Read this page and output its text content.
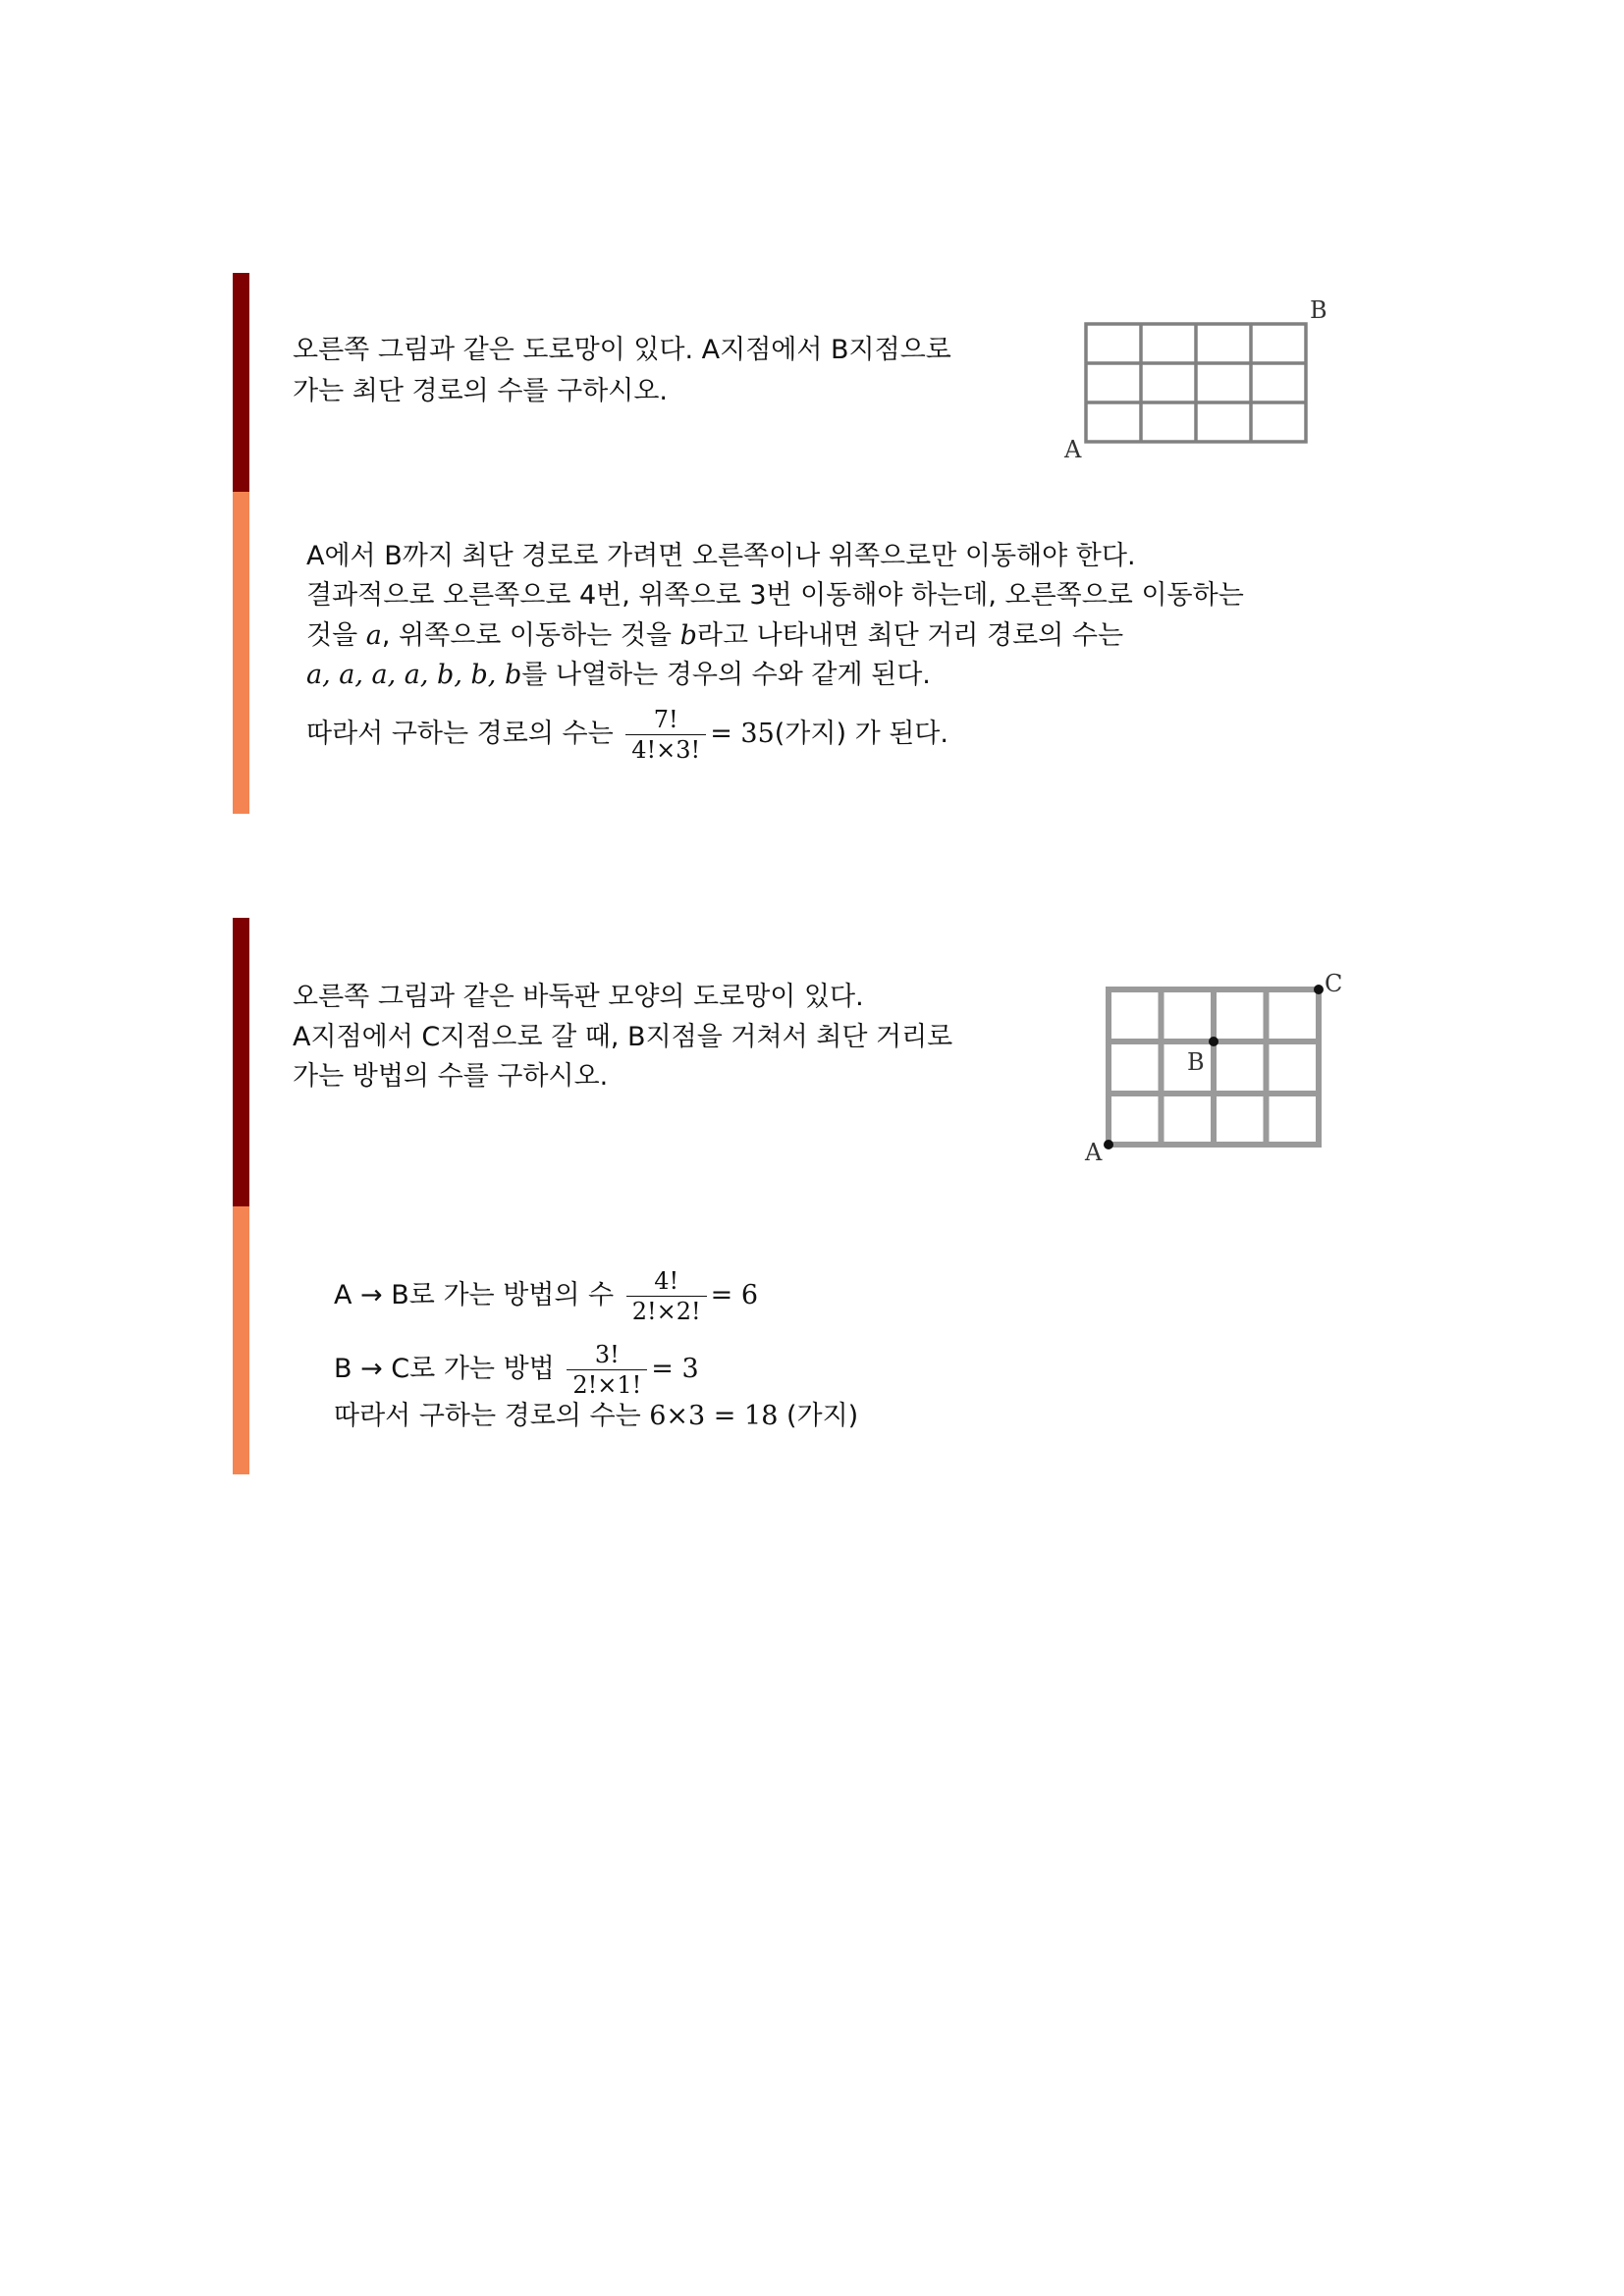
오른쪽 그림과 같은 도로망이 있다. A지점에서 B지점으로
가는 최단 경로의 수를 구하시오.
A
B
A에서 B까지 최단 경로로 가려면 오른쪽이나 위쪽으로만 이동해야 한다.
결과적으로 오른쪽으로 4번, 위쪽으로 3번 이동해야 하는데, 오른쪽으로 이동하는
것을 a, 위쪽으로 이동하는 것을 b라고 나타내면 최단 거리 경로의 수는
a, a, a, a, b, b, b를 나열하는 경우의 수와 같게 된다.
따라서 구하는 경로의 수는 $\frac{7!}{4!\times 3!} = 35$(가지) 가 된다.
오른쪽 그림과 같은 바둑판 모양의 도로망이 있다.
A지점에서 C지점으로 갈 때, B지점을 거쳐서 최단 거리로
가는 방법의 수를 구하시오.
A
B
C
A → B로 가는 방법의 수 $\frac{4!}{2!\times 2!} = 6$
B → C로 가는 방법 $\frac{3!}{2!\times 1!} = 3$
따라서 구하는 경로의 수는 6×3 = 18 (가지)
